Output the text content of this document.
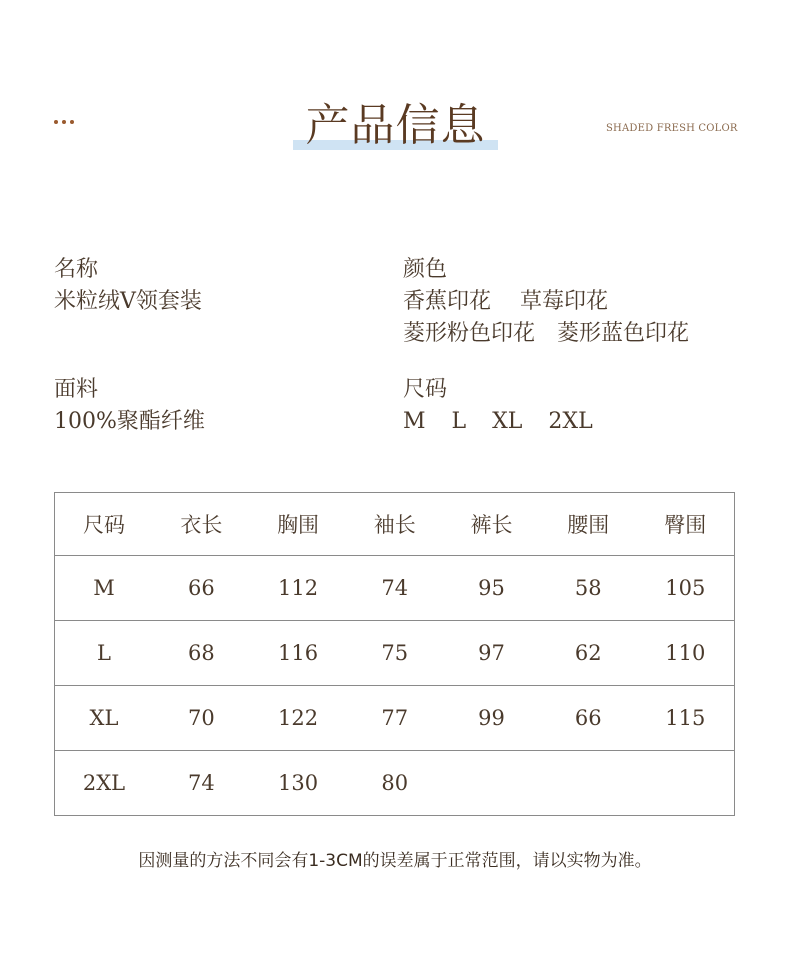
产品信息	SHADED FRESH COLOR
名称
米粒绒V领套装
颜色
香蕉印花　 草莓印花
菱形粉色印花　菱形蓝色印花
面料
100%聚酯纤维
尺码
M L XL 2XL
尺码	衣长	胸围	袖长	裤长	腰围	臀围
M	66	112	74	95	58	105
L	68	116	75	97	62	110
XL	70	122	77	99	66	115
2XL	74	130	80			
因测量的方法不同会有1-3CM的误差属于正常范围，请以实物为准。
